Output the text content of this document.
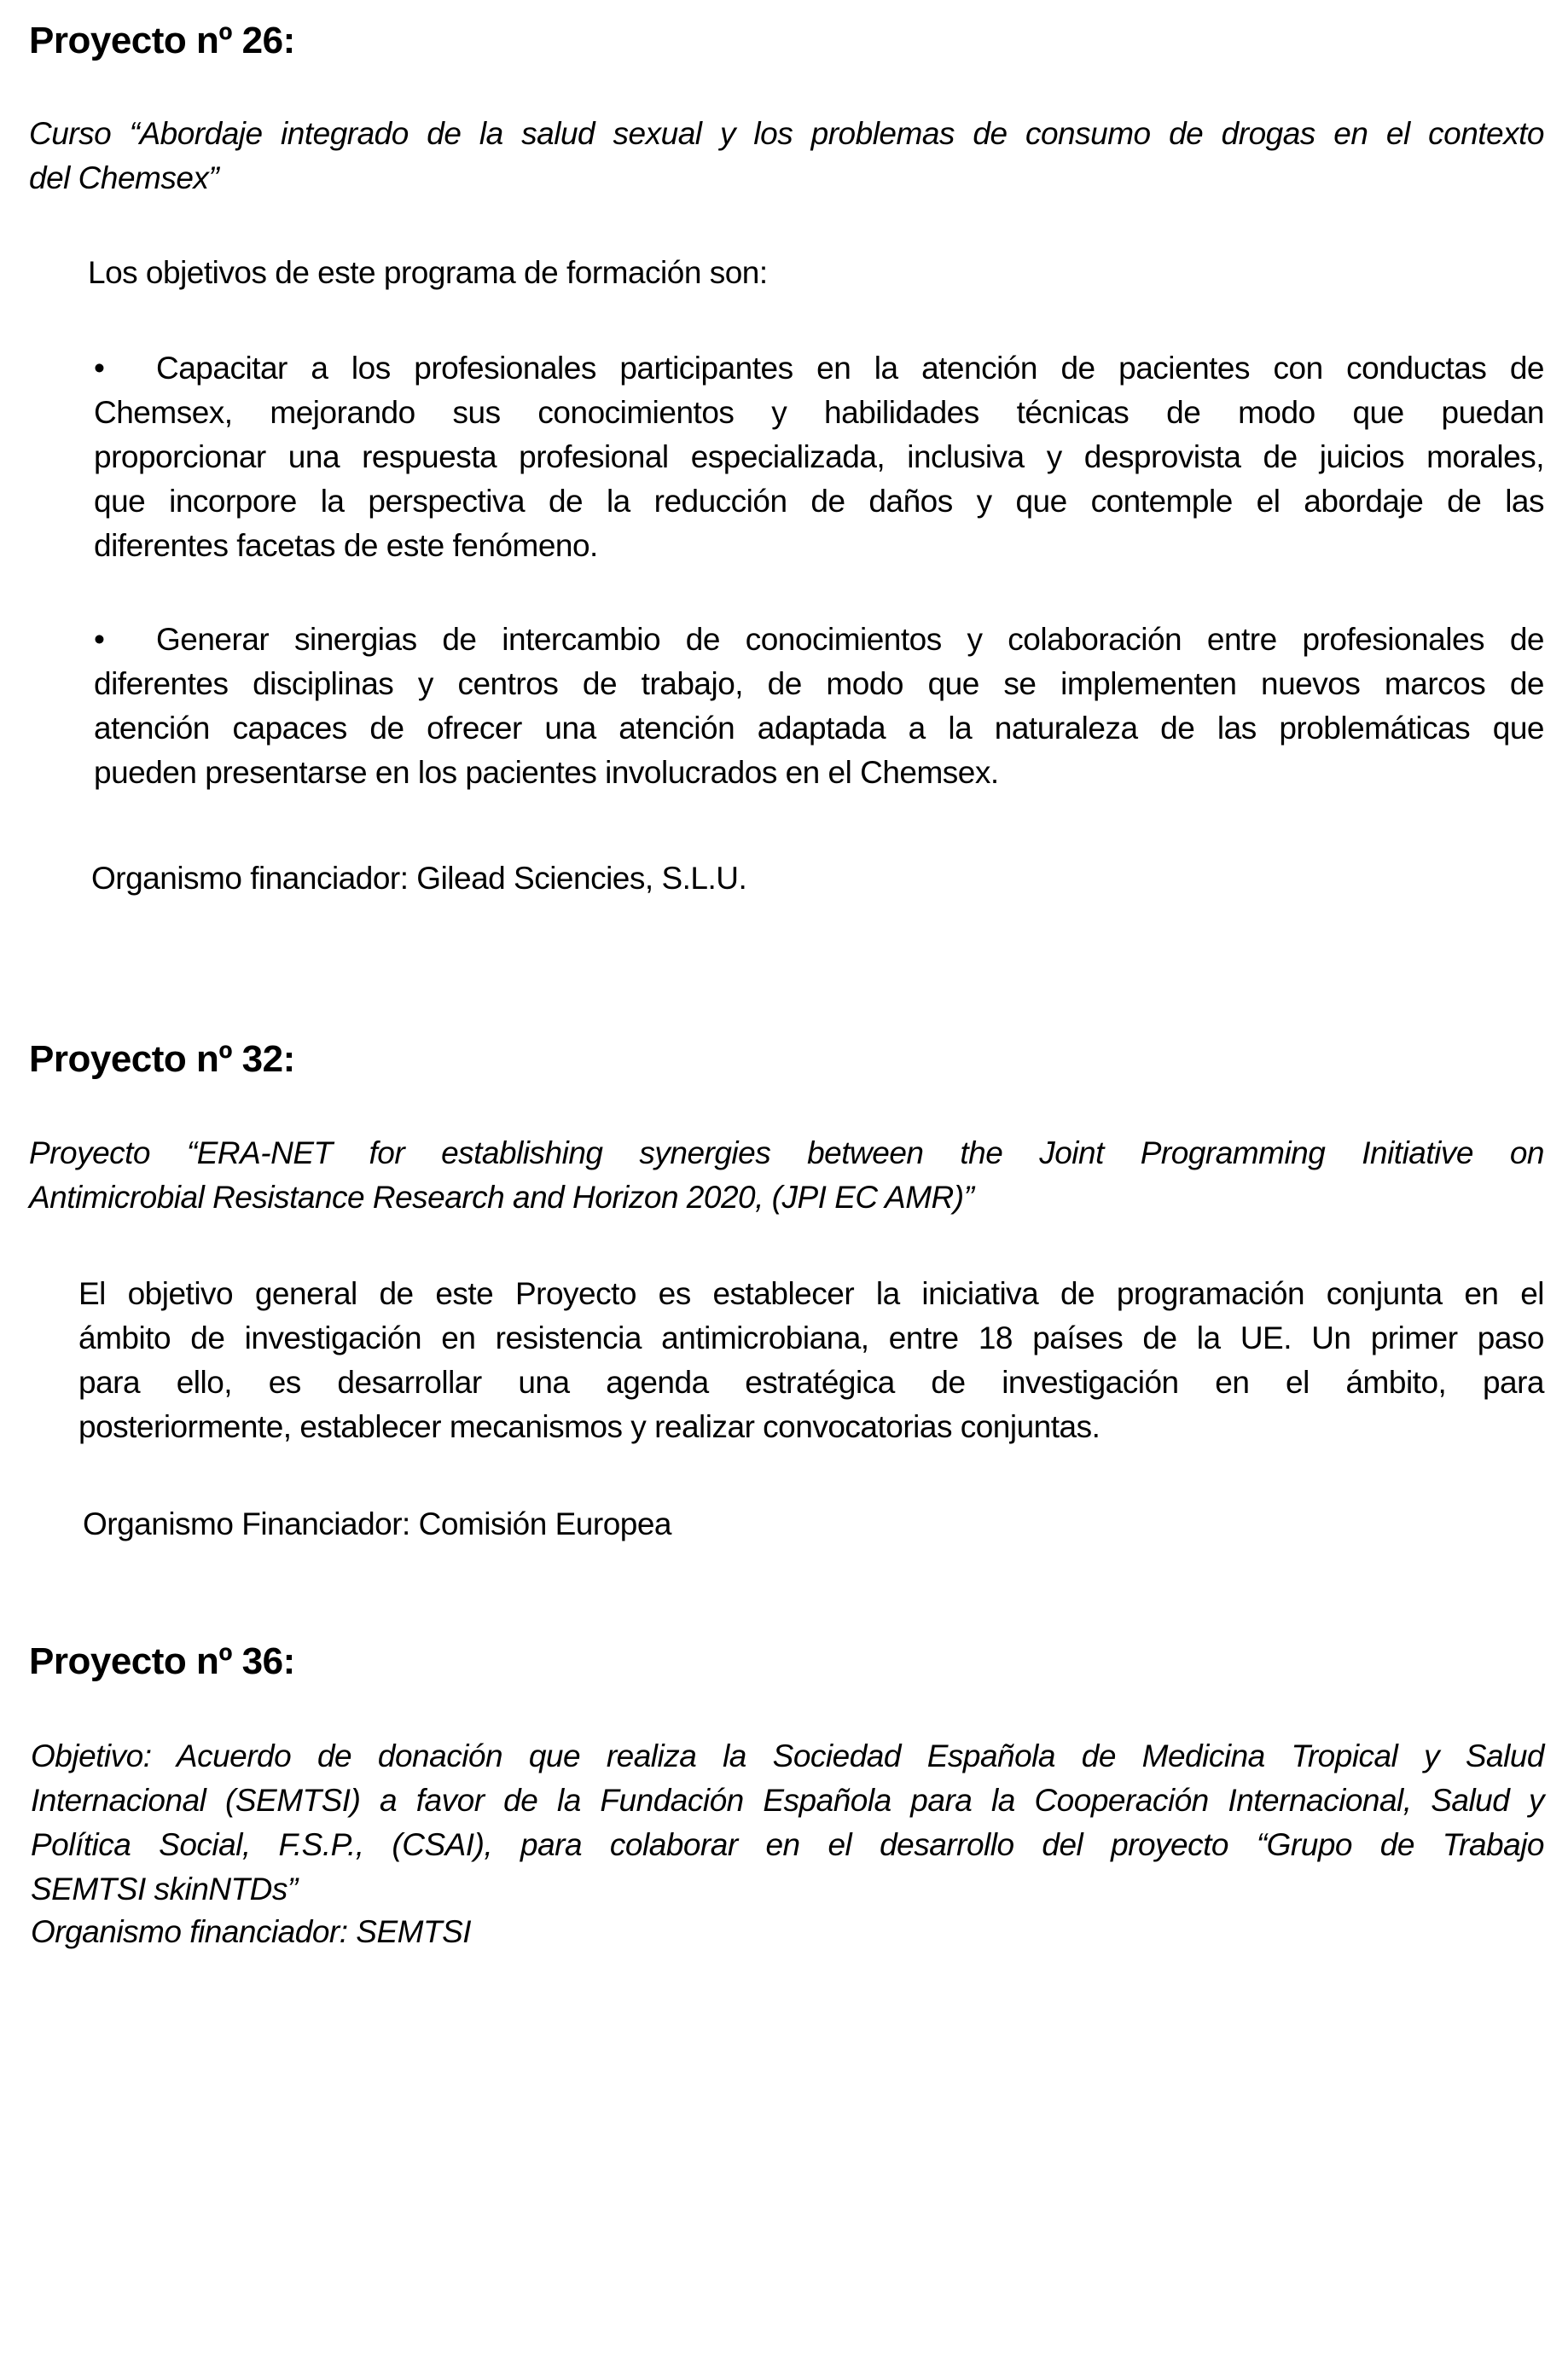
Proyecto nº 26:
Curso “Abordaje integrado de la salud sexual y los problemas de consumo de drogas en el contexto
del Chemsex”
Los objetivos de este programa de formación son:
•	Capacitar a los profesionales participantes en la atención de pacientes con conductas de
Chemsex, mejorando sus conocimientos y habilidades técnicas de modo que puedan
proporcionar una respuesta profesional especializada, inclusiva y desprovista de juicios morales,
que incorpore la perspectiva de la reducción de daños y que contemple el abordaje de las
diferentes facetas de este fenómeno.
•	Generar sinergias de intercambio de conocimientos y colaboración entre profesionales de
diferentes disciplinas y centros de trabajo, de modo que se implementen nuevos marcos de
atención capaces de ofrecer una atención adaptada a la naturaleza de las problemáticas que
pueden presentarse en los pacientes involucrados en el Chemsex.
Organismo financiador: Gilead Sciencies, S.L.U.
Proyecto nº 32:
Proyecto “ERA-NET for establishing synergies between the Joint Programming Initiative on
Antimicrobial Resistance Research and Horizon 2020, (JPI EC AMR)”
El objetivo general de este Proyecto es establecer la iniciativa de programación conjunta en el
ámbito de investigación en resistencia antimicrobiana, entre 18 países de la UE. Un primer paso
para ello, es desarrollar una agenda estratégica de investigación en el ámbito, para
posteriormente, establecer mecanismos y realizar convocatorias conjuntas.
Organismo Financiador: Comisión Europea
Proyecto nº 36:
Objetivo: Acuerdo de donación que realiza la Sociedad Española de Medicina Tropical y Salud
Internacional (SEMTSI) a favor de la Fundación Española para la Cooperación Internacional, Salud y
Política Social, F.S.P., (CSAI), para colaborar en el desarrollo del proyecto “Grupo de Trabajo
SEMTSI skinNTDs”
Organismo financiador: SEMTSI
